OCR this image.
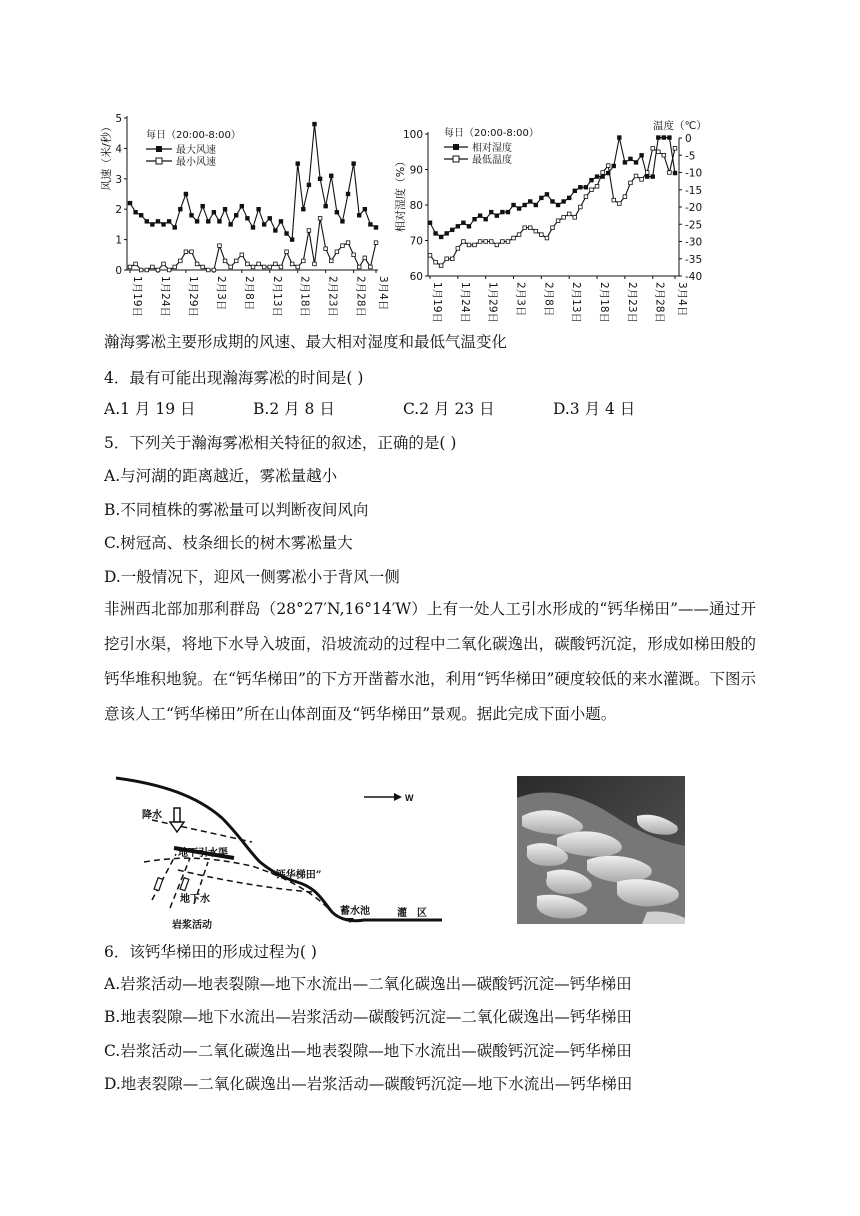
风速（米/秒）
0
1
2
3
4
5
1月19日 1月24日 1月29日 2月3日 2月8日 2月13日 2月18日 2月23日 2月28日 3月4日
每日（20:00-8:00）
最大风速
最小风速	相对湿度（%）
温度（℃）
60
70
80
90
100	0
-5
-10
-15
-20
-25
-30
-35
-40
1月19日 1月24日 1月29日 2月3日 2月8日 2月13日 2月18日 2月23日 2月28日 3月4日
每日（20:00-8:00）
相对湿度
最低温度
瀚海雾凇主要形成期的风速、最大相对湿度和最低气温变化
4．最有可能出现瀚海雾凇的时间是( )
A.1 月 19 日	B.2 月 8 日	C.2 月 23 日	D.3 月 4 日
5．下列关于瀚海雾凇相关特征的叙述，正确的是( )
A.与河湖的距离越近，雾凇量越小
B.不同植株的雾凇量可以判断夜间风向
C.树冠高、枝条细长的树木雾凇量大
D.一般情况下，迎风一侧雾凇小于背风一侧
非洲西北部加那利群岛（28°27′N,16°14′W）上有一处人工引水形成的“钙华梯田”——通过开挖引水渠，将地下水导入坡面，沿坡流动的过程中二氧化碳逸出，碳酸钙沉淀，形成如梯田般的钙华堆积地貌。在“钙华梯田”的下方开凿蓄水池，利用“钙华梯田”硬度较低的来水灌溉。下图示意该人工“钙华梯田”所在山体剖面及“钙华梯田”景观。据此完成下面小题。
W
降水
地下引水渠
“钙华梯田”
地下水
岩浆活动
蓄水池	灌　区
6．该钙华梯田的形成过程为( )
A.岩浆活动—地表裂隙—地下水流出—二氧化碳逸出—碳酸钙沉淀—钙华梯田
B.地表裂隙—地下水流出—岩浆活动—碳酸钙沉淀—二氧化碳逸出—钙华梯田
C.岩浆活动—二氧化碳逸出—地表裂隙—地下水流出—碳酸钙沉淀—钙华梯田
D.地表裂隙—二氧化碳逸出—岩浆活动—碳酸钙沉淀—地下水流出—钙华梯田
